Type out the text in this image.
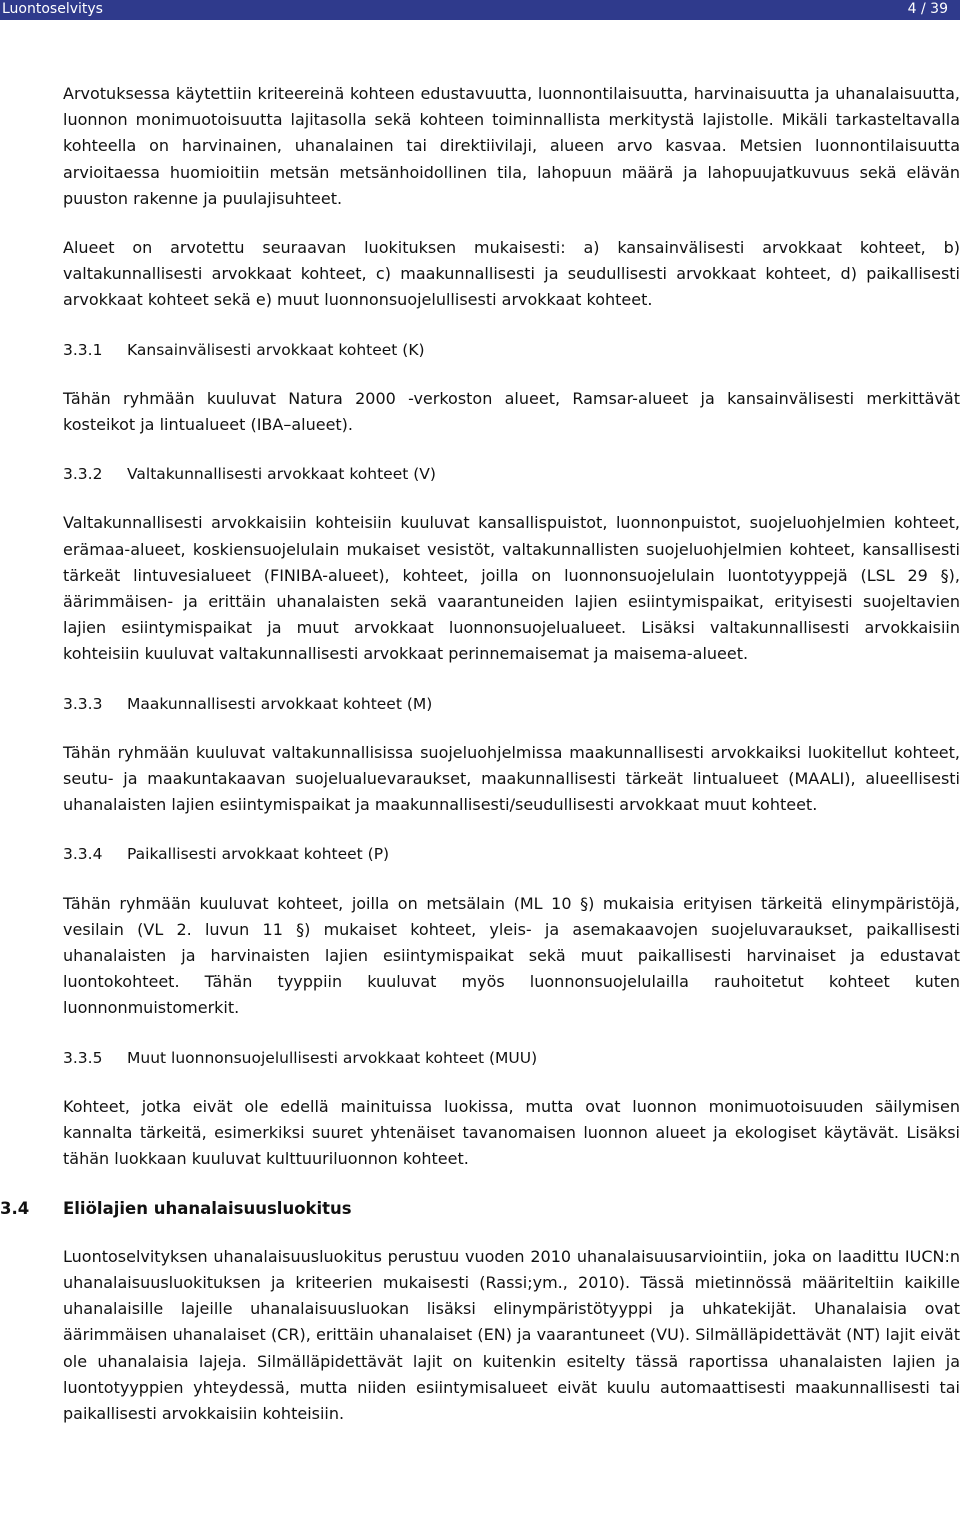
Luontoselvitys	4 / 39

Arvotuksessa käytettiin kriteereinä kohteen edustavuutta, luonnontilaisuutta, harvinaisuutta ja uhanalaisuutta, luonnon monimuotoisuutta lajitasolla sekä kohteen toiminnallista merkitystä lajistolle. Mikäli tarkasteltavalla kohteella on harvinainen, uhanalainen tai direktiivilaji, alueen arvo kasvaa. Metsien luonnontilaisuutta arvioitaessa huomioitiin metsän metsänhoidollinen tila, lahopuun määrä ja lahopuujatkuvuus sekä elävän puuston rakenne ja puulajisuhteet.

Alueet on arvotettu seuraavan luokituksen mukaisesti: a) kansainvälisesti arvokkaat kohteet, b) valtakunnallisesti arvokkaat kohteet, c) maakunnallisesti ja seudullisesti arvokkaat kohteet, d) paikallisesti arvokkaat kohteet sekä e) muut luonnonsuojelullisesti arvokkaat kohteet.

3.3.1	Kansainvälisesti arvokkaat kohteet (K)

Tähän ryhmään kuuluvat Natura 2000 -verkoston alueet, Ramsar-alueet ja kansainvälisesti merkittävät kosteikot ja lintualueet (IBA–alueet).

3.3.2	Valtakunnallisesti arvokkaat kohteet (V)

Valtakunnallisesti arvokkaisiin kohteisiin kuuluvat kansallispuistot, luonnonpuistot, suojeluohjelmien kohteet, erämaa-alueet, koskiensuojelulain mukaiset vesistöt, valtakunnallisten suojeluohjelmien kohteet, kansallisesti tärkeät lintuvesialueet (FINIBA-alueet), kohteet, joilla on luonnonsuojelulain luontotyyppejä (LSL 29 §), äärimmäisen- ja erittäin uhanalaisten sekä vaarantuneiden lajien esiintymispaikat, erityisesti suojeltavien lajien esiintymispaikat ja muut arvokkaat luonnonsuojelualueet. Lisäksi valtakunnallisesti arvokkaisiin kohteisiin kuuluvat valtakunnallisesti arvokkaat perinnemaisemat ja maisema-alueet.

3.3.3	Maakunnallisesti arvokkaat kohteet (M)

Tähän ryhmään kuuluvat valtakunnallisissa suojeluohjelmissa maakunnallisesti arvokkaiksi luokitellut kohteet, seutu- ja maakuntakaavan suojelualuevaraukset, maakunnallisesti tärkeät lintualueet (MAALI), alueellisesti uhanalaisten lajien esiintymispaikat ja maakunnallisesti/seudullisesti arvokkaat muut kohteet.

3.3.4	Paikallisesti arvokkaat kohteet (P)

Tähän ryhmään kuuluvat kohteet, joilla on metsälain (ML 10 §) mukaisia erityisen tärkeitä elinympäristöjä, vesilain (VL 2. luvun 11 §) mukaiset kohteet, yleis- ja asemakaavojen suojeluvaraukset, paikallisesti uhanalaisten ja harvinaisten lajien esiintymispaikat sekä muut paikallisesti harvinaiset ja edustavat luontokohteet. Tähän tyyppiin kuuluvat myös luonnonsuojelulailla rauhoitetut kohteet kuten luonnonmuistomerkit.

3.3.5	Muut luonnonsuojelullisesti arvokkaat kohteet (MUU)

Kohteet, jotka eivät ole edellä mainituissa luokissa, mutta ovat luonnon monimuotoisuuden säilymisen kannalta tärkeitä, esimerkiksi suuret yhtenäiset tavanomaisen luonnon alueet ja ekologiset käytävät. Lisäksi tähän luokkaan kuuluvat kulttuuriluonnon kohteet.

3.4	Eliölajien uhanalaisuusluokitus

Luontoselvityksen uhanalaisuusluokitus perustuu vuoden 2010 uhanalaisuusarviointiin, joka on laadittu IUCN:n uhanalaisuusluokituksen ja kriteerien mukaisesti (Rassi;ym., 2010). Tässä mietinnössä määriteltiin kaikille uhanalaisille lajeille uhanalaisuusluokan lisäksi elinympäristötyyppi ja uhkatekijät. Uhanalaisia ovat äärimmäisen uhanalaiset (CR), erittäin uhanalaiset (EN) ja vaarantuneet (VU). Silmälläpidettävät (NT) lajit eivät ole uhanalaisia lajeja. Silmälläpidettävät lajit on kuitenkin esitelty tässä raportissa uhanalaisten lajien ja luontotyyppien yhteydessä, mutta niiden esiintymisalueet eivät kuulu automaattisesti maakunnallisesti tai paikallisesti arvokkaisiin kohteisiin.
